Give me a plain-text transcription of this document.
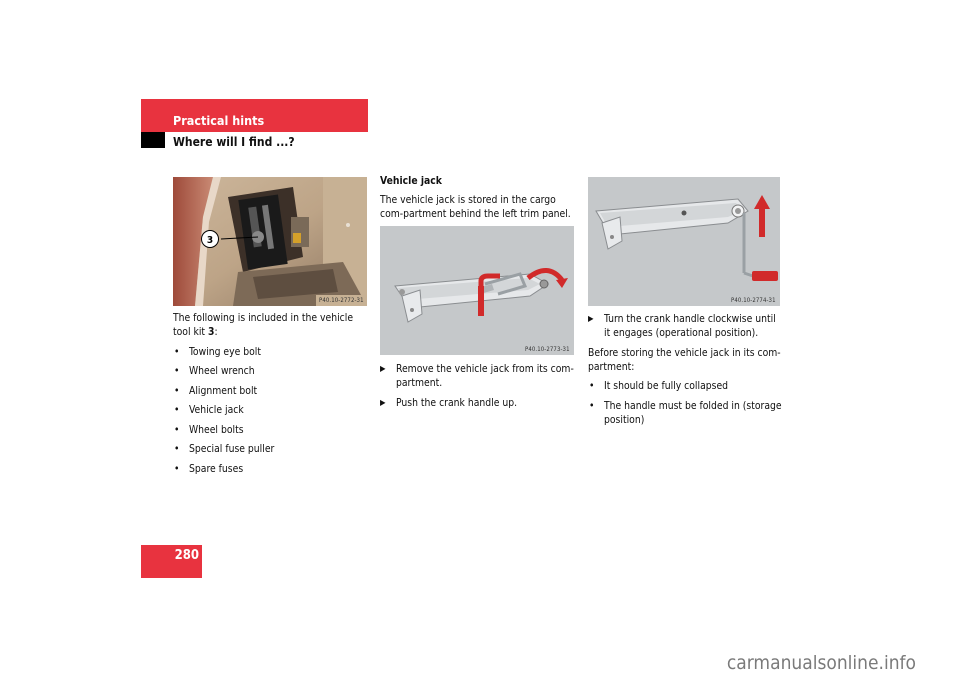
Practical hints
Where will I find ...?
3
P40.10-2772-31

The following is included in the vehicle tool kit 3:

• Towing eye bolt
• Wheel wrench
• Alignment bolt
• Vehicle jack
• Wheel bolts
• Special fuse puller
• Spare fuses
Vehicle jack

The vehicle jack is stored in the cargo com-partment behind the left trim panel.

P40.10-2773-31
▶ Remove the vehicle jack from its com-partment.
▶ Push the crank handle up.
P40.10-2774-31
▶ Turn the crank handle clockwise until it engages (operational position).

Before storing the vehicle jack in its com-partment:

• It should be fully collapsed
• The handle must be folded in (storage position)
280
carmanualsonline.info
